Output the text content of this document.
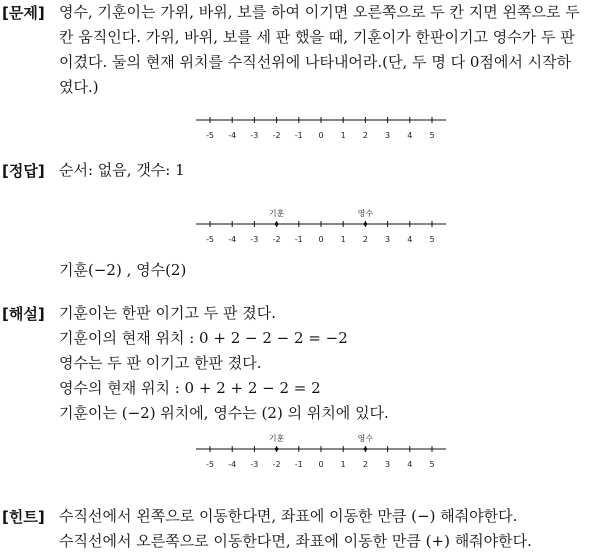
[문제] 영수, 기훈이는 가위, 바위, 보를 하여 이기면 오른쪽으로 두 칸 지면 왼쪽으로 두 칸 움직인다. 가위, 바위, 보를 세 판 했을 때, 기훈이가 한판이기고 영수가 두 판 이겼다. 둘의 현재 위치를 수직선위에 나타내어라.(단, 두 명 다 0점에서 시작하였다.)
-5 -4 -3 -2 -1 0 1 2 3 4 5
[정답] 순서: 없음, 갯수: 1
-5 -4 -3 -2 -1 0 1 2 3 4 5
기훈	영수
기훈(−2) , 영수(2)
[해설] 기훈이는 한판 이기고 두 판 졌다.
기훈이의 현재 위치 : 0 + 2 − 2 − 2 = −2
영수는 두 판 이기고 한판 졌다.
영수의 현재 위치 : 0 + 2 + 2 − 2 = 2
기훈이는 (−2) 위치에, 영수는 (2) 의 위치에 있다.
-5 -4 -3 -2 -1 0 1 2 3 4 5
기훈	영수
[힌트] 수직선에서 왼쪽으로 이동한다면, 좌표에 이동한 만큼 (−) 해줘야한다.
수직선에서 오른쪽으로 이동한다면, 좌표에 이동한 만큼 (+) 해줘야한다.
